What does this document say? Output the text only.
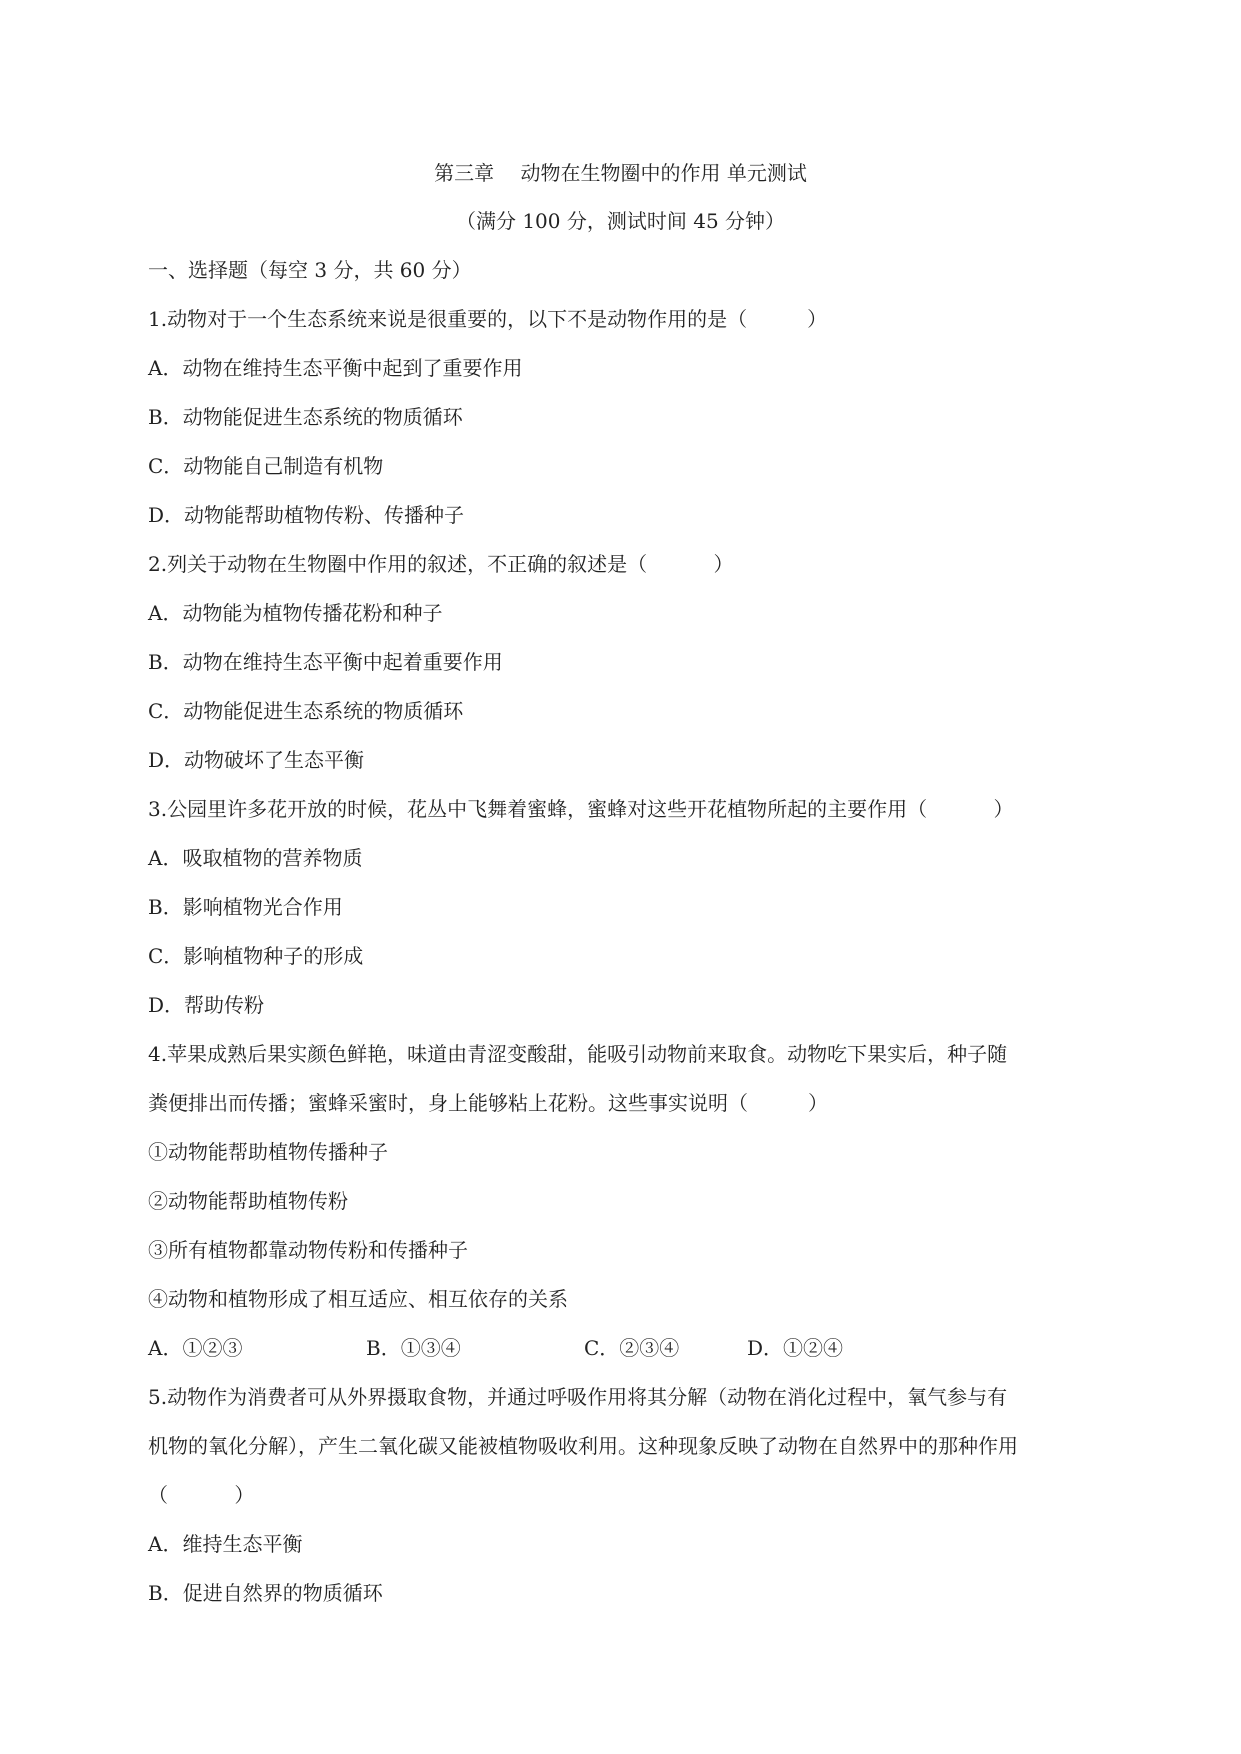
第三章　 动物在生物圈中的作用 单元测试
（满分 100 分，测试时间 45 分钟）
一、选择题（每空 3 分，共 60 分）
1.动物对于一个生态系统来说是很重要的，以下不是动物作用的是（　　　）
A．动物在维持生态平衡中起到了重要作用
B．动物能促进生态系统的物质循环
C．动物能自己制造有机物
D．动物能帮助植物传粉、传播种子
2.列关于动物在生物圈中作用的叙述，不正确的叙述是（　　　 ）
A．动物能为植物传播花粉和种子
B．动物在维持生态平衡中起着重要作用
C．动物能促进生态系统的物质循环
D．动物破坏了生态平衡
3.公园里许多花开放的时候，花丛中飞舞着蜜蜂，蜜蜂对这些开花植物所起的主要作用（　　　 ）
A．吸取植物的营养物质
B．影响植物光合作用
C．影响植物种子的形成
D．帮助传粉
4.苹果成熟后果实颜色鲜艳，味道由青涩变酸甜，能吸引动物前来取食。动物吃下果实后，种子随
粪便排出而传播；蜜蜂采蜜时，身上能够粘上花粉。这些事实说明（　　　）
①动物能帮助植物传播种子
②动物能帮助植物传粉
③所有植物都靠动物传粉和传播种子
④动物和植物形成了相互适应、相互依存的关系
A．①②③	B．①③④	C．②③④	D．①②④
5.动物作为消费者可从外界摄取食物，并通过呼吸作用将其分解（动物在消化过程中，氧气参与有
机物的氧化分解），产生二氧化碳又能被植物吸收利用。这种现象反映了动物在自然界中的那种作用
（　　　 ）
A．维持生态平衡
B．促进自然界的物质循环
